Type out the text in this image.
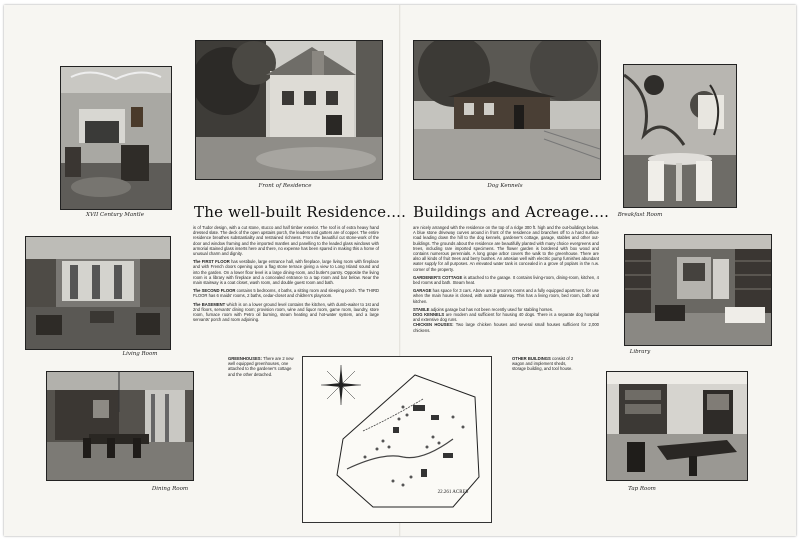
XVII Century Mantle
Living Room
Dining Room
Front of Residence
The well-built Residence....

is of Tudor design, with a cut stone, stucco and half timber exterior. The roof is of extra heavy hand dressed slate. The deck of the open upstairs porch, the leaders and gutters are of copper. The entire residence breathes substantiality and restrained richness. From the beautiful cut stone-work of the door and window framing and the imported mantles and panelling to the leaded glass windows with armorial stained glass inserts here and there, no expense has been spared in making this a home of unusual charm and dignity.

The FIRST FLOOR has vestibule, large entrance hall, with fireplace, large living room with fireplace and with French doors opening upon a flag stone terrace giving a view to Long Island sound and into the garden. On a lower floor level is a large dining-room, and butler's pantry. Opposite the living room is a library with fireplace and a concealed entrance to a tap room and bar below. Near the main stairway is a coat closet, wash room, and double guest room and bath.

The SECOND FLOOR contains 5 bedrooms, 4 baths, a sitting room and sleeping porch. The THIRD FLOOR has 6 maids' rooms, 2 baths, cedar-closet and children's playroom.

The BASEMENT which is on a lower ground level contains the kitchen, with dumb-waiter to 1st and 2nd floors, servants' dining room; provision room, wine and liquor room, game room, laundry, store room, furnace room with Petro oil burning, steam heating and hot-water system, and a large servants' porch and room adjoining.

GREENHOUSES: There are 2 new well equipped greenhouses, one attached to the gardener's cottage and the other detached.

22.261 ACRES
Dog Kennels
Buildings and Acreage....

are nicely arranged with the residence on the top of a ridge 300 ft. high and the out-buildings below. A blue stone driveway curves around in front of the residence and branches off to a hard surface road leading down the hill to the dog kennels, gardener's cottage, garage, stables and other out-buildings. The grounds about the residence are beautifully planted with many choice evergreens and trees, including rare imported specimens. The flower garden is bordered with box wood and contains numerous perennials. A long grape arbor covers the walk to the greenhouse. There are also all kinds of fruit trees and berry bushes. An artesian well with electric pump furnishes abundant water supply for all purposes. An elevated water tank is concealed in a grove of poplars in the n.w. corner of the property.

GARDENER'S COTTAGE is attached to the garage. It contains living-room, dining-room, kitchen, 4 bed rooms and bath. Steam heat.

GARAGE has space for 3 cars. Above are 2 groom's rooms and a fully equipped apartment, for use when the main house is closed, with outside stairway. This has a living room, bed room, bath and kitchen.

STABLE adjoins garage but has not been recently used for stabling horses.

DOG KENNELS are modern and sufficient for housing 40 dogs. There is a separate dog hospital and extensive dog runs.

CHICKEN HOUSES: Two large chicken houses and several small houses sufficient for 2,000 chickens.

OTHER BUILDINGS consist of 2 wagon and implement sheds, storage building, and tool house.

Breakfast Room
Library
Tap Room
